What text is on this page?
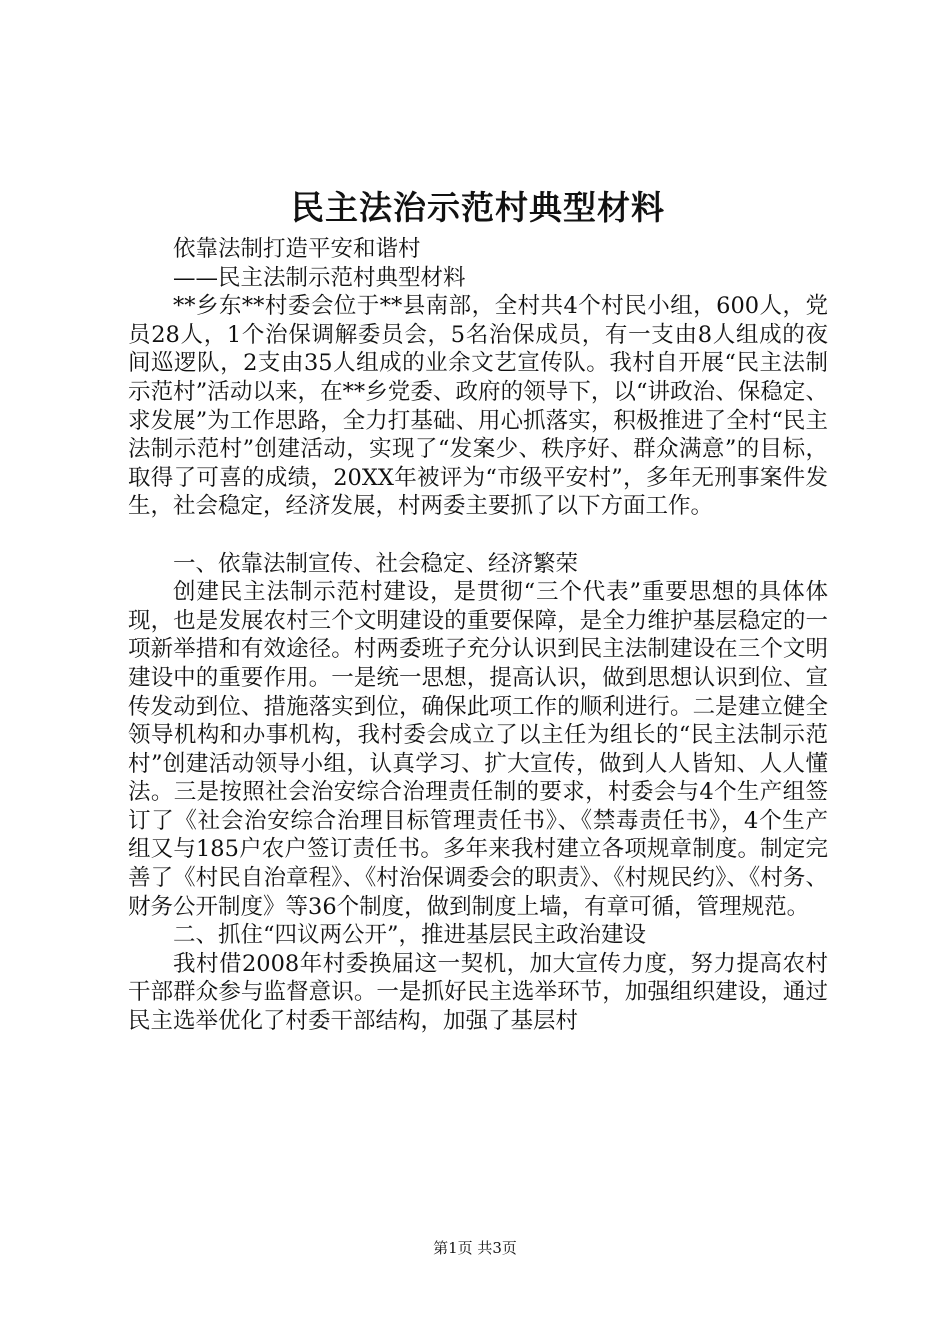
民主法治示范村典型材料

依靠法制打造平安和谐村

——民主法制示范村典型材料

**乡东**村委会位于**县南部，全村共4个村民小组，600人，党员28人，1个治保调解委员会，5名治保成员，有一支由8人组成的夜间巡逻队，2支由35人组成的业余文艺宣传队。我村自开展“民主法制示范村”活动以来，在**乡党委、政府的领导下，以“讲政治、保稳定、求发展”为工作思路，全力打基础、用心抓落实，积极推进了全村“民主法制示范村”创建活动，实现了“发案少、秩序好、群众满意”的目标，取得了可喜的成绩，20XX年被评为“市级平安村”，多年无刑事案件发生，社会稳定，经济发展，村两委主要抓了以下方面工作。

一、依靠法制宣传、社会稳定、经济繁荣

创建民主法制示范村建设，是贯彻“三个代表”重要思想的具体体现，也是发展农村三个文明建设的重要保障，是全力维护基层稳定的一项新举措和有效途径。村两委班子充分认识到民主法制建设在三个文明建设中的重要作用。一是统一思想，提高认识，做到思想认识到位、宣传发动到位、措施落实到位，确保此项工作的顺利进行。二是建立健全领导机构和办事机构，我村委会成立了以主任为组长的“民主法制示范村”创建活动领导小组，认真学习、扩大宣传，做到人人皆知、人人懂法。三是按照社会治安综合治理责任制的要求，村委会与4个生产组签订了《社会治安综合治理目标管理责任书》、《禁毒责任书》，4个生产组又与185户农户签订责任书。多年来我村建立各项规章制度。制定完善了《村民自治章程》、《村治保调委会的职责》、《村规民约》、《村务、财务公开制度》等36个制度，做到制度上墙，有章可循，管理规范。

二、抓住“四议两公开”，推进基层民主政治建设

我村借2008年村委换届这一契机，加大宣传力度，努力提高农村干部群众参与监督意识。一是抓好民主选举环节，加强组织建设，通过民主选举优化了村委干部结构，加强了基层村

第1页 共3页
